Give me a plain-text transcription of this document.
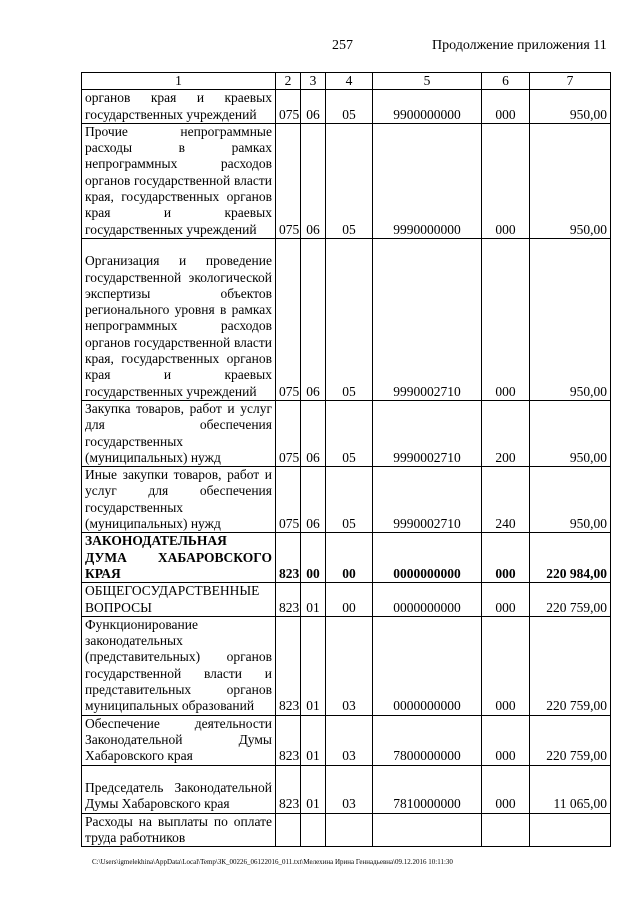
257	Продолжение приложения 11
1	2	3	4	5	6	7
органов края и краевых государственных учреждений	075	06	05	9900000000	000	950,00
Прочие непрограммные расходы в рамках непрограммных расходов органов государственной власти края, государственных органов края и краевых государственных учреждений	075	06	05	9990000000	000	950,00
Организация и проведение государственной экологической экспертизы объектов регионального уровня в рамках непрограммных расходов органов государственной власти края, государственных органов края и краевых государственных учреждений	075	06	05	9990002710	000	950,00
Закупка товаров, работ и услуг для обеспечения государственных (муниципальных) нужд	075	06	05	9990002710	200	950,00
Иные закупки товаров, работ и услуг для обеспечения государственных (муниципальных) нужд	075	06	05	9990002710	240	950,00
ЗАКОНОДАТЕЛЬНАЯ ДУМА ХАБАРОВСКОГО КРАЯ	823	00	00	0000000000	000	220 984,00
ОБЩЕГОСУДАРСТВЕННЫЕ ВОПРОСЫ	823	01	00	0000000000	000	220 759,00
Функционирование законодательных (представительных) органов государственной власти и представительных органов муниципальных образований	823	01	03	0000000000	000	220 759,00
Обеспечение деятельности Законодательной Думы Хабаровского края	823	01	03	7800000000	000	220 759,00
Председатель Законодательной Думы Хабаровского края	823	01	03	7810000000	000	11 065,00
Расходы на выплаты по оплате труда работников						
C:\Users\igmelekhina\AppData\Local\Temp\ЗК_00226_06122016_011.txt\Мелехина Ирина Геннадьевна\09.12.2016 10:11:30
